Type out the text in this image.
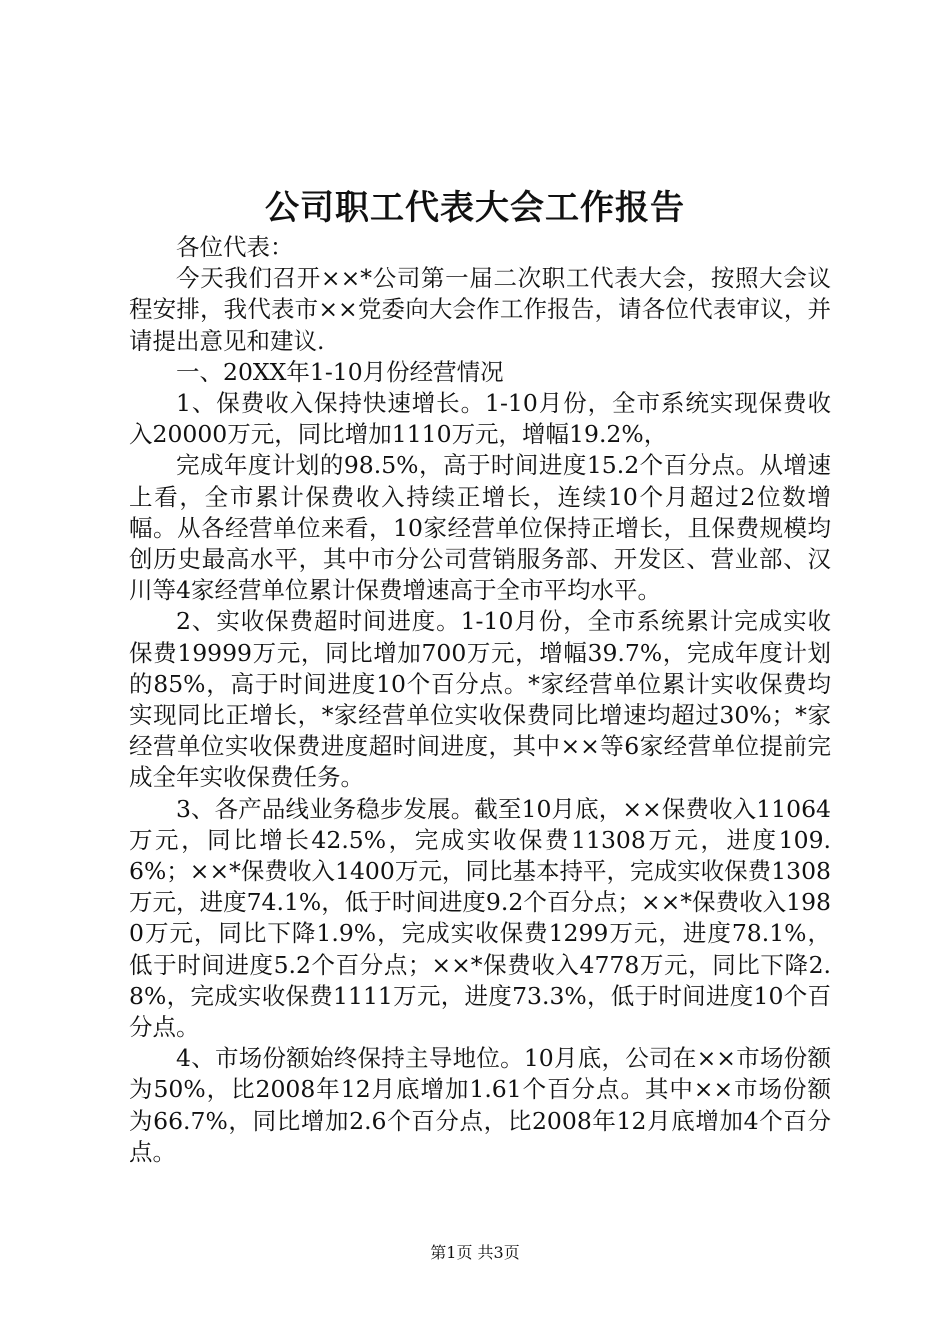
公司职工代表大会工作报告

各位代表：

今天我们召开××*公司第一届二次职工代表大会，按照大会议程安排，我代表市××党委向大会作工作报告，请各位代表审议，并请提出意见和建议.

一、20XX年1-10月份经营情况

1、保费收入保持快速增长。1-10月份，全市系统实现保费收入20000万元，同比增加1110万元，增幅19.2%，

完成年度计划的98.5%，高于时间进度15.2个百分点。从增速上看，全市累计保费收入持续正增长，连续10个月超过2位数增幅。从各经营单位来看，10家经营单位保持正增长，且保费规模均创历史最高水平，其中市分公司营销服务部、开发区、营业部、汉川等4家经营单位累计保费增速高于全市平均水平。

2、实收保费超时间进度。1-10月份，全市系统累计完成实收保费19999万元，同比增加700万元，增幅39.7%，完成年度计划的85%，高于时间进度10个百分点。*家经营单位累计实收保费均实现同比正增长，*家经营单位实收保费同比增速均超过30%；*家经营单位实收保费进度超时间进度，其中××等6家经营单位提前完成全年实收保费任务。

3、各产品线业务稳步发展。截至10月底，××保费收入11064万元，同比增长42.5%，完成实收保费11308万元，进度109.6%；××*保费收入1400万元，同比基本持平，完成实收保费1308万元，进度74.1%，低于时间进度9.2个百分点；××*保费收入1980万元，同比下降1.9%，完成实收保费1299万元，进度78.1%，低于时间进度5.2个百分点；××*保费收入4778万元，同比下降2.8%，完成实收保费1111万元，进度73.3%，低于时间进度10个百分点。

4、市场份额始终保持主导地位。10月底，公司在××市场份额为50%，比2008年12月底增加1.61个百分点。其中××市场份额为66.7%，同比增加2.6个百分点，比2008年12月底增加4个百分点。

第1页 共3页
